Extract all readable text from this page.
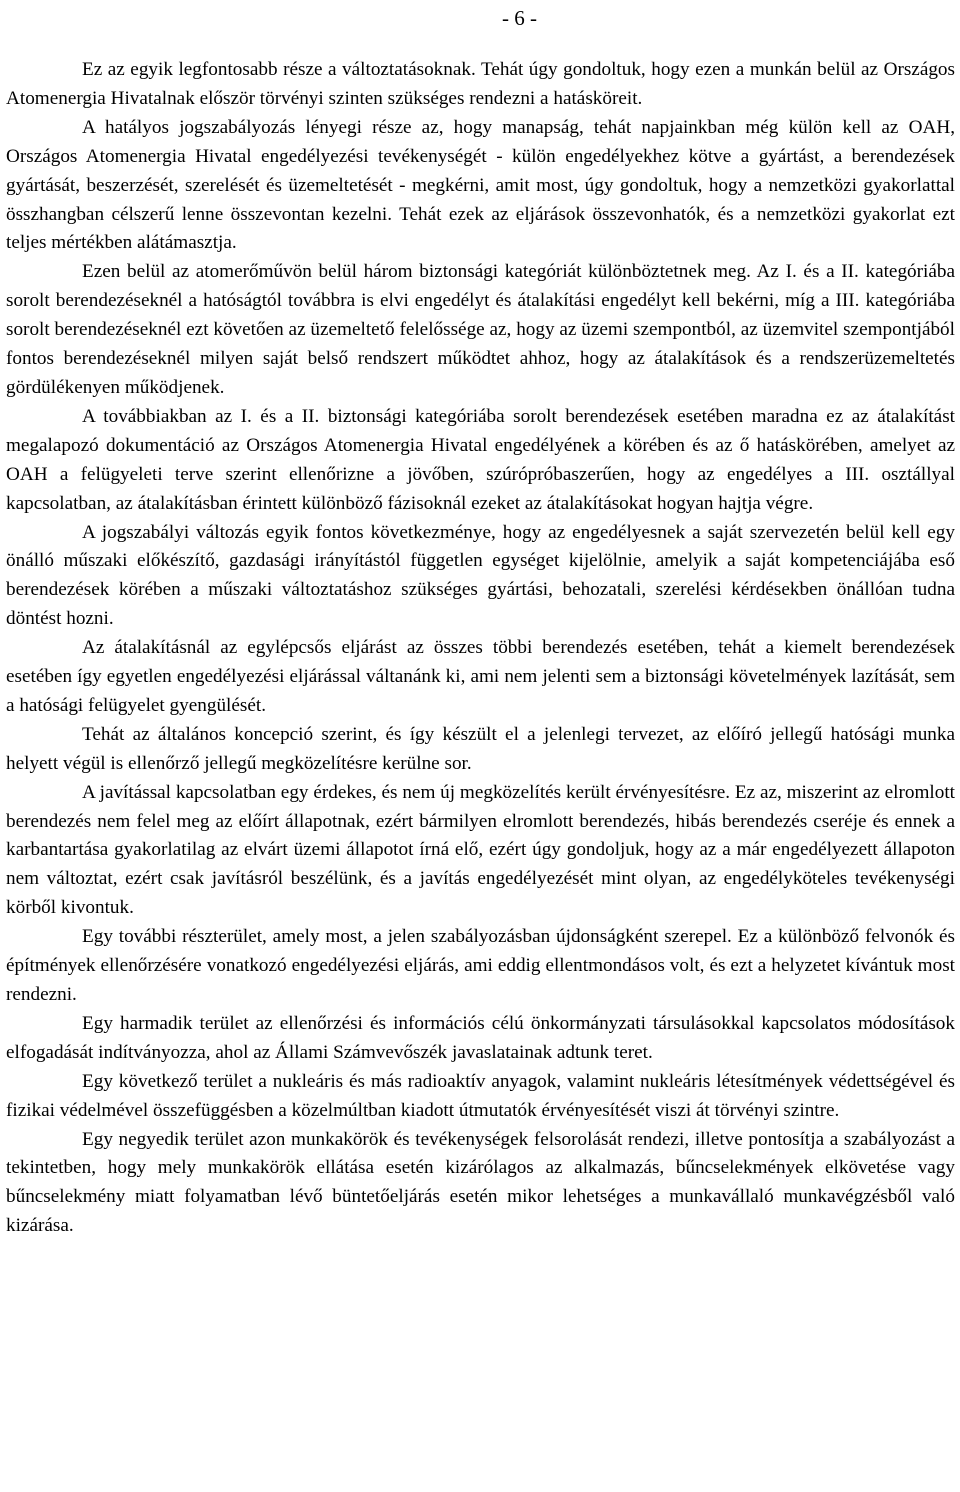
- 6 -

Ez az egyik legfontosabb része a változtatásoknak. Tehát úgy gondoltuk, hogy ezen a munkán belül az Országos Atomenergia Hivatalnak először törvényi szinten szükséges rendezni a hatásköreit.

A hatályos jogszabályozás lényegi része az, hogy manapság, tehát napjainkban még külön kell az OAH, Országos Atomenergia Hivatal engedélyezési tevékenységét - külön engedélyekhez kötve a gyártást, a berendezések gyártását, beszerzését, szerelését és üzemeltetését - megkérni, amit most, úgy gondoltuk, hogy a nemzetközi gyakorlattal összhangban célszerű lenne összevontan kezelni. Tehát ezek az eljárások összevonhatók, és a nemzetközi gyakorlat ezt teljes mértékben alátámasztja.

Ezen belül az atomerőművön belül három biztonsági kategóriát különböztetnek meg. Az I. és a II. kategóriába sorolt berendezéseknél a hatóságtól továbbra is elvi engedélyt és átalakítási engedélyt kell bekérni, míg a III. kategóriába sorolt berendezéseknél ezt követően az üzemeltető felelőssége az, hogy az üzemi szempontból, az üzemvitel szempontjából fontos berendezéseknél milyen saját belső rendszert működtet ahhoz, hogy az átalakítások és a rendszerüzemeltetés gördülékenyen működjenek.

A továbbiakban az I. és a II. biztonsági kategóriába sorolt berendezések esetében maradna ez az átalakítást megalapozó dokumentáció az Országos Atomenergia Hivatal engedélyének a körében és az ő hatáskörében, amelyet az OAH a felügyeleti terve szerint ellenőrizne a jövőben, szúrópróbaszerűen, hogy az engedélyes a III. osztállyal kapcsolatban, az átalakításban érintett különböző fázisoknál ezeket az átalakításokat hogyan hajtja végre.

A jogszabályi változás egyik fontos következménye, hogy az engedélyesnek a saját szervezetén belül kell egy önálló műszaki előkészítő, gazdasági irányítástól független egységet kijelölnie, amelyik a saját kompetenciájába eső berendezések körében a műszaki változtatáshoz szükséges gyártási, behozatali, szerelési kérdésekben önállóan tudna döntést hozni.

Az átalakításnál az egylépcsős eljárást az összes többi berendezés esetében, tehát a kiemelt berendezések esetében így egyetlen engedélyezési eljárással váltanánk ki, ami nem jelenti sem a biztonsági követelmények lazítását, sem a hatósági felügyelet gyengülését.

Tehát az általános koncepció szerint, és így készült el a jelenlegi tervezet, az előíró jellegű hatósági munka helyett végül is ellenőrző jellegű megközelítésre kerülne sor.

A javítással kapcsolatban egy érdekes, és nem új megközelítés került érvényesítésre. Ez az, miszerint az elromlott berendezés nem felel meg az előírt állapotnak, ezért bármilyen elromlott berendezés, hibás berendezés cseréje és ennek a karbantartása gyakorlatilag az elvárt üzemi állapotot írná elő, ezért úgy gondoljuk, hogy az a már engedélyezett állapoton nem változtat, ezért csak javításról beszélünk, és a javítás engedélyezését mint olyan, az engedélyköteles tevékenységi körből kivontuk.

Egy további részterület, amely most, a jelen szabályozásban újdonságként szerepel. Ez a különböző felvonók és építmények ellenőrzésére vonatkozó engedélyezési eljárás, ami eddig ellentmondásos volt, és ezt a helyzetet kívántuk most rendezni.

Egy harmadik terület az ellenőrzési és információs célú önkormányzati társulásokkal kapcsolatos módosítások elfogadását indítványozza, ahol az Állami Számvevőszék javaslatainak adtunk teret.

Egy következő terület a nukleáris és más radioaktív anyagok, valamint nukleáris létesítmények védettségével és fizikai védelmével összefüggésben a közelmúltban kiadott útmutatók érvényesítését viszi át törvényi szintre.

Egy negyedik terület azon munkakörök és tevékenységek felsorolását rendezi, illetve pontosítja a szabályozást a tekintetben, hogy mely munkakörök ellátása esetén kizárólagos az alkalmazás, bűncselekmények elkövetése vagy bűncselekmény miatt folyamatban lévő büntetőeljárás esetén mikor lehetséges a munkavállaló munkavégzésből való kizárása.
